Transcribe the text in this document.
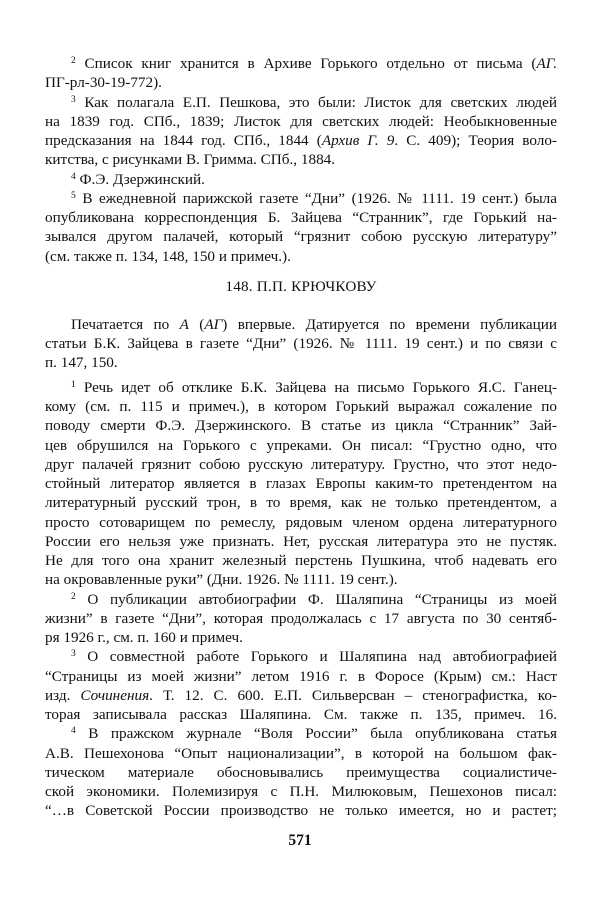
$^2$ Список книг хранится в Архиве Горького отдельно от письма (АГ.
ПГ-рл-30-19-772).
$^3$ Как полагала Е.П. Пешкова, это были: Листок для светских людей
на 1839 год. СПб., 1839; Листок для светских людей: Необыкновенные
предсказания на 1844 год. СПб., 1844 (Архив Г. 9. С. 409); Теория воло-
китства, с рисунками В. Гримма. СПб., 1884.
$^4$ Ф.Э. Дзержинский.
$^5$ В ежедневной парижской газете “Дни” (1926. № 1111. 19 сент.) была
опубликована корреспонденция Б. Зайцева “Странник”, где Горький на-
зывался другом палачей, который “грязнит собою русскую литературу”
(см. также п. 134, 148, 150 и примеч.).
148. П.П. КРЮЧКОВУ
Печатается по А (АГ) впервые. Датируется по времени публикации
статьи Б.К. Зайцева в газете “Дни” (1926. № 1111. 19 сент.) и по связи с
п. 147, 150.
$^1$ Речь идет об отклике Б.К. Зайцева на письмо Горького Я.С. Ганец-
кому (см. п. 115 и примеч.), в котором Горький выражал сожаление по
поводу смерти Ф.Э. Дзержинского. В статье из цикла “Странник” Зай-
цев обрушился на Горького с упреками. Он писал: “Грустно одно, что
друг палачей грязнит собою русскую литературу. Грустно, что этот недо-
стойный литератор является в глазах Европы каким-то претендентом на
литературный русский трон, в то время, как не только претендентом, а
просто сотоварищем по ремеслу, рядовым членом ордена литературного
России его нельзя уже признать. Нет, русская литература это не пустяк.
Не для того она хранит железный перстень Пушкина, чтоб надевать его
на окровавленные руки” (Дни. 1926. № 1111. 19 сент.).
$^2$ О публикации автобиографии Ф. Шаляпина “Страницы из моей
жизни” в газете “Дни”, которая продолжалась с 17 августа по 30 сентяб-
ря 1926 г., см. п. 160 и примеч.
$^3$ О совместной работе Горького и Шаляпина над автобиографией
“Страницы из моей жизни” летом 1916 г. в Форосе (Крым) см.: Наст
изд. Сочинения. Т. 12. С. 600. Е.П. Сильверсван – стенографистка, ко-
торая записывала рассказ Шаляпина. См. также п. 135, примеч. 16.
$^4$ В пражском журнале “Воля России” была опубликована статья
А.В. Пешехонова “Опыт национализации”, в которой на большом фак-
тическом материале обосновывались преимущества социалистиче-
ской экономики. Полемизируя с П.Н. Милюковым, Пешехонов писал:
“…в Советской России производство не только имеется, но и растет;
571
